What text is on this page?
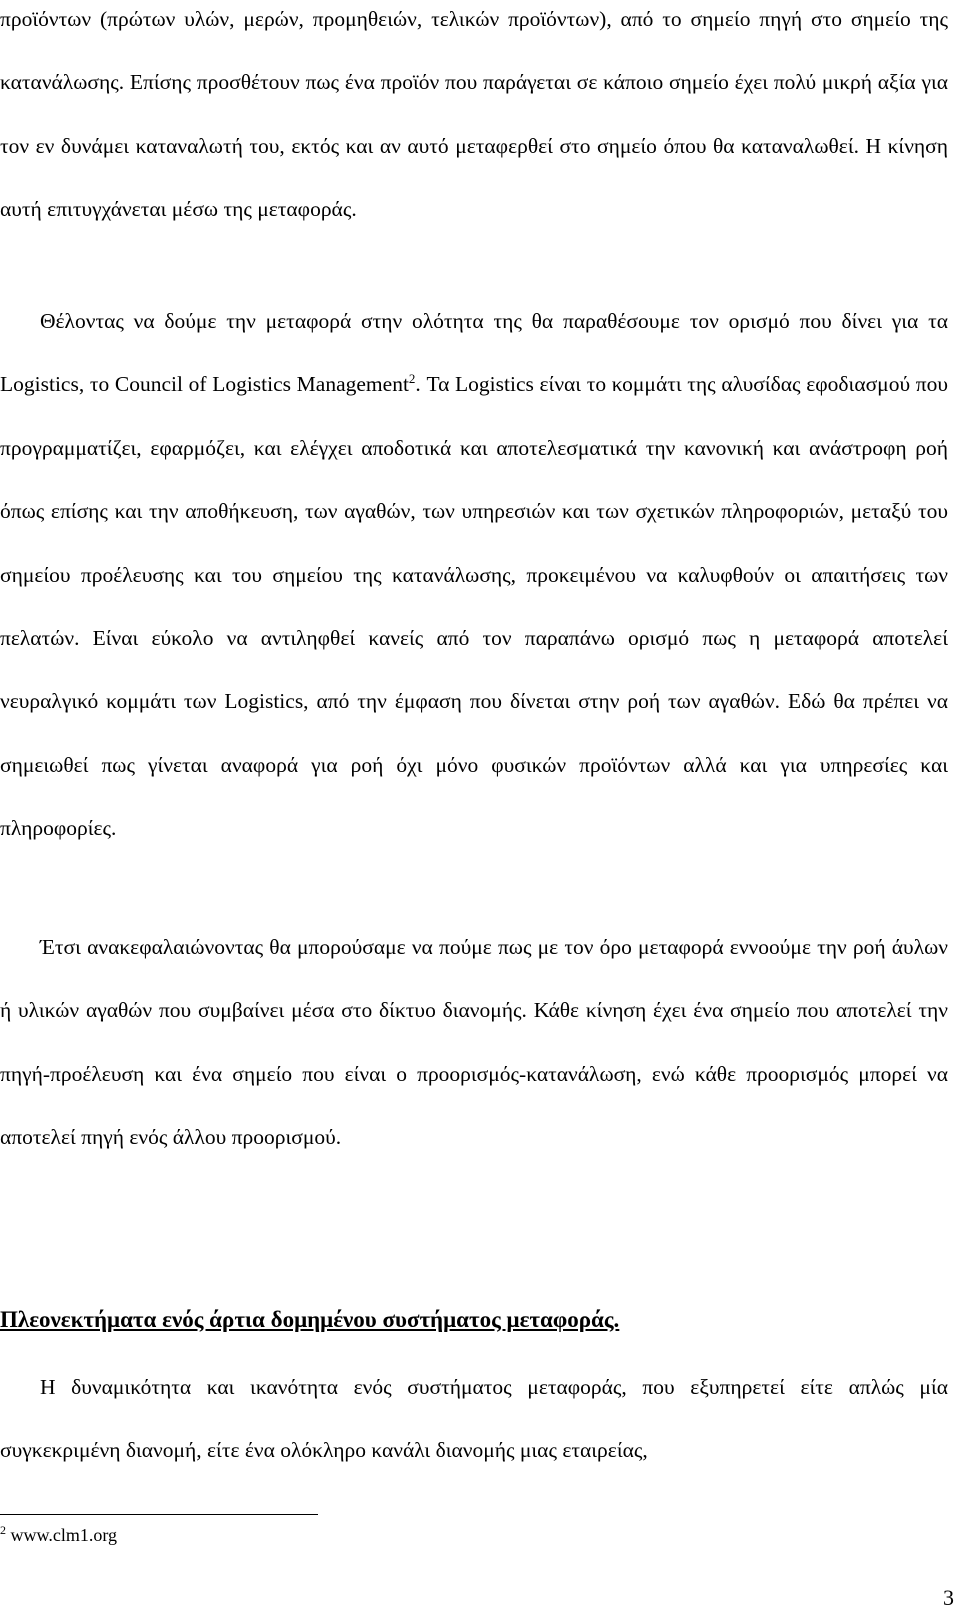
προϊόντων (πρώτων υλών, μερών, προμηθειών, τελικών προϊόντων), από το σημείο πηγή στο σημείο της κατανάλωσης. Επίσης προσθέτουν πως ένα προϊόν που παράγεται σε κάποιο σημείο έχει πολύ μικρή αξία για τον εν δυνάμει καταναλωτή του, εκτός και αν αυτό μεταφερθεί στο σημείο όπου θα καταναλωθεί. Η κίνηση αυτή επιτυγχάνεται μέσω της μεταφοράς.

Θέλοντας να δούμε την μεταφορά στην ολότητα της θα παραθέσουμε τον ορισμό που δίνει για τα Logistics, το Council of Logistics Management$^2$. Τα Logistics είναι το κομμάτι της αλυσίδας εφοδιασμού που προγραμματίζει, εφαρμόζει, και ελέγχει αποδοτικά και αποτελεσματικά την κανονική και ανάστροφη ροή όπως επίσης και την αποθήκευση, των αγαθών, των υπηρεσιών και των σχετικών πληροφοριών, μεταξύ του σημείου προέλευσης και του σημείου της κατανάλωσης, προκειμένου να καλυφθούν οι απαιτήσεις των πελατών. Είναι εύκολο να αντιληφθεί κανείς από τον παραπάνω ορισμό πως η μεταφορά αποτελεί νευραλγικό κομμάτι των Logistics, από την έμφαση που δίνεται στην ροή των αγαθών. Εδώ θα πρέπει να σημειωθεί πως γίνεται αναφορά για ροή όχι μόνο φυσικών προϊόντων αλλά και για υπηρεσίες και πληροφορίες.

Έτσι ανακεφαλαιώνοντας θα μπορούσαμε να πούμε πως με τον όρο μεταφορά εννοούμε την ροή άυλων ή υλικών αγαθών που συμβαίνει μέσα στο δίκτυο διανομής. Κάθε κίνηση έχει ένα σημείο που αποτελεί την πηγή-προέλευση και ένα σημείο που είναι ο προορισμός-κατανάλωση, ενώ κάθε προορισμός μπορεί να αποτελεί πηγή ενός άλλου προορισμού.

Πλεονεκτήματα ενός άρτια δομημένου συστήματος μεταφοράς.

Η δυναμικότητα και ικανότητα ενός συστήματος μεταφοράς, που εξυπηρετεί είτε απλώς μία συγκεκριμένη διανομή, είτε ένα ολόκληρο κανάλι διανομής μιας εταιρείας,

$^2$ www.clm1.org
3
